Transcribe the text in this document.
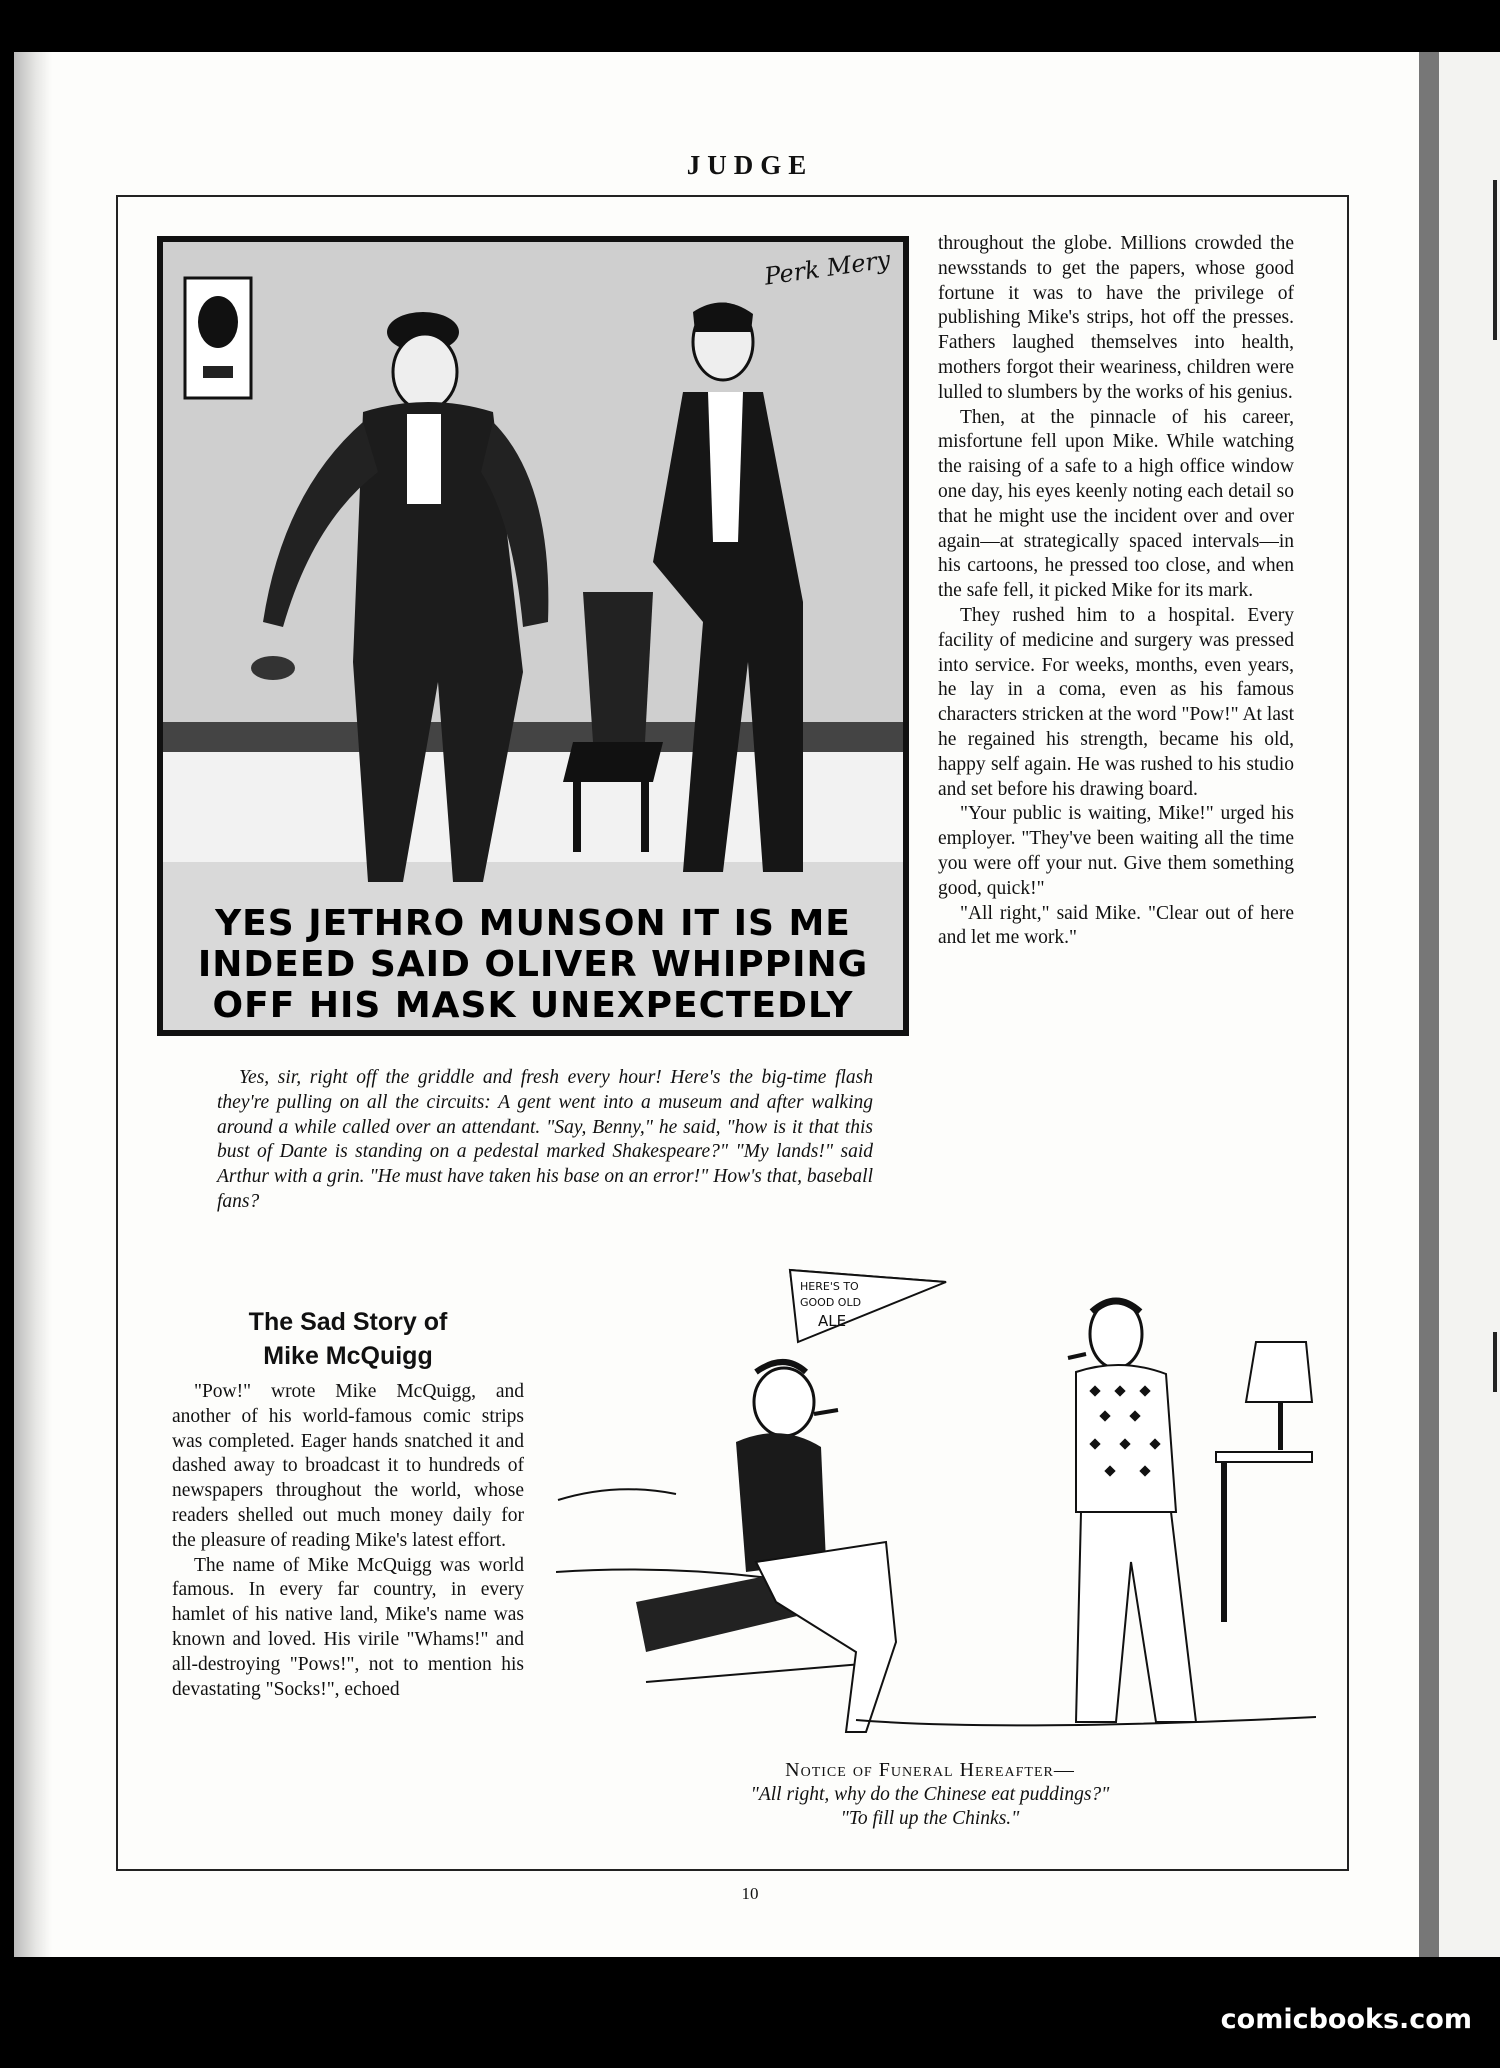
JUDGE
Perk Mery
YES JETHRO MUNSON IT IS ME INDEED SAID OLIVER WHIPPING OFF HIS MASK UNEXPECTEDLY

throughout the globe. Millions crowded the newsstands to get the papers, whose good fortune it was to have the privilege of publishing Mike's strips, hot off the presses. Fathers laughed themselves into health, mothers forgot their weariness, children were lulled to slumbers by the works of his genius.

Then, at the pinnacle of his career, misfortune fell upon Mike. While watching the raising of a safe to a high office window one day, his eyes keenly noting each detail so that he might use the incident over and over again—at strategically spaced intervals—in his cartoons, he pressed too close, and when the safe fell, it picked Mike for its mark.

They rushed him to a hospital. Every facility of medicine and surgery was pressed into service. For weeks, months, even years, he lay in a coma, even as his famous characters stricken at the word "Pow!" At last he regained his strength, became his old, happy self again. He was rushed to his studio and set before his drawing board.

"Your public is waiting, Mike!" urged his employer. "They've been waiting all the time you were off your nut. Give them something good, quick!"

"All right," said Mike. "Clear out of here and let me work."

Yes, sir, right off the griddle and fresh every hour! Here's the big-time flash they're pulling on all the circuits: A gent went into a museum and after walking around a while called over an attendant. "Say, Benny," he said, "how is it that this bust of Dante is standing on a pedestal marked Shakespeare?" "My lands!" said Arthur with a grin. "He must have taken his base on an error!" How's that, baseball fans?
The Sad Story of
Mike McQuigg

"Pow!" wrote Mike McQuigg, and another of his world-famous comic strips was completed. Eager hands snatched it and dashed away to broadcast it to hundreds of newspapers throughout the world, whose readers shelled out much money daily for the pleasure of reading Mike's latest effort.

The name of Mike McQuigg was world famous. In every far country, in every hamlet of his native land, Mike's name was known and loved. His virile "Whams!" and all-destroying "Pows!", not to mention his devastating "Socks!", echoed

HERE'S TO
GOOD OLD
ALE
Notice of Funeral Hereafter—
"All right, why do the Chinese eat puddings?"
"To fill up the Chinks."
10
comicbooks.com
